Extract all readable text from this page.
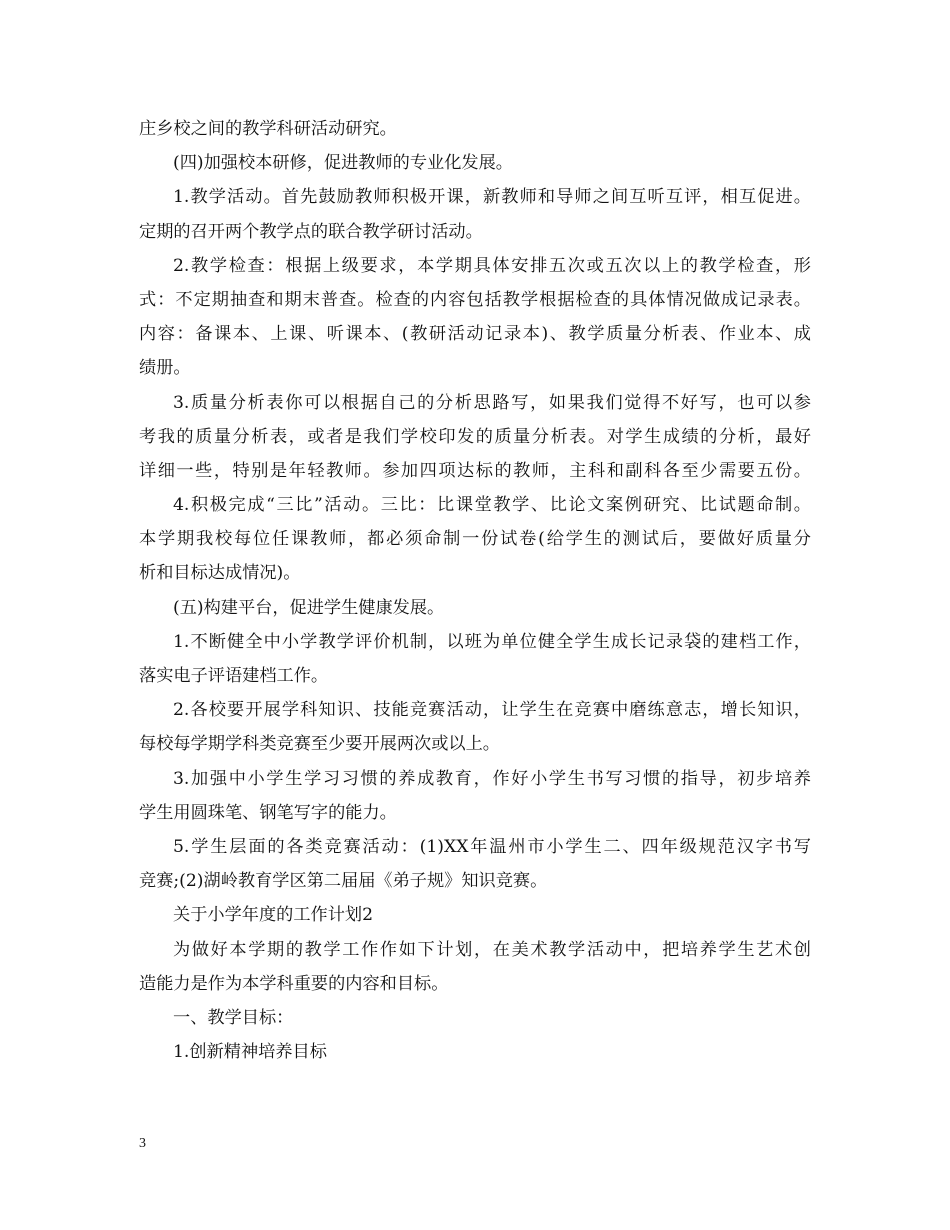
庄乡校之间的教学科研活动研究。
(四)加强校本研修，促进教师的专业化发展。
1.教学活动。首先鼓励教师积极开课，新教师和导师之间互听互评，相互促进。
定期的召开两个教学点的联合教学研讨活动。
2.教学检查：根据上级要求，本学期具体安排五次或五次以上的教学检查，形
式：不定期抽查和期末普查。检查的内容包括教学根据检查的具体情况做成记录表。
内容：备课本、上课、听课本、(教研活动记录本)、教学质量分析表、作业本、成
绩册。
3.质量分析表你可以根据自己的分析思路写，如果我们觉得不好写，也可以参
考我的质量分析表，或者是我们学校印发的质量分析表。对学生成绩的分析，最好
详细一些，特别是年轻教师。参加四项达标的教师，主科和副科各至少需要五份。
4.积极完成“三比”活动。三比：比课堂教学、比论文案例研究、比试题命制。
本学期我校每位任课教师，都必须命制一份试卷(给学生的测试后，要做好质量分
析和目标达成情况)。
(五)构建平台，促进学生健康发展。
1.不断健全中小学教学评价机制，以班为单位健全学生成长记录袋的建档工作，
落实电子评语建档工作。
2.各校要开展学科知识、技能竞赛活动，让学生在竞赛中磨练意志，增长知识，
每校每学期学科类竞赛至少要开展两次或以上。
3.加强中小学生学习习惯的养成教育，作好小学生书写习惯的指导，初步培养
学生用圆珠笔、钢笔写字的能力。
5.学生层面的各类竞赛活动：(1)XX年温州市小学生二、四年级规范汉字书写
竞赛;(2)湖岭教育学区第二届届《弟子规》知识竞赛。
关于小学年度的工作计划2
为做好本学期的教学工作作如下计划，在美术教学活动中，把培养学生艺术创
造能力是作为本学科重要的内容和目标。
一、教学目标：
1.创新精神培养目标
3
